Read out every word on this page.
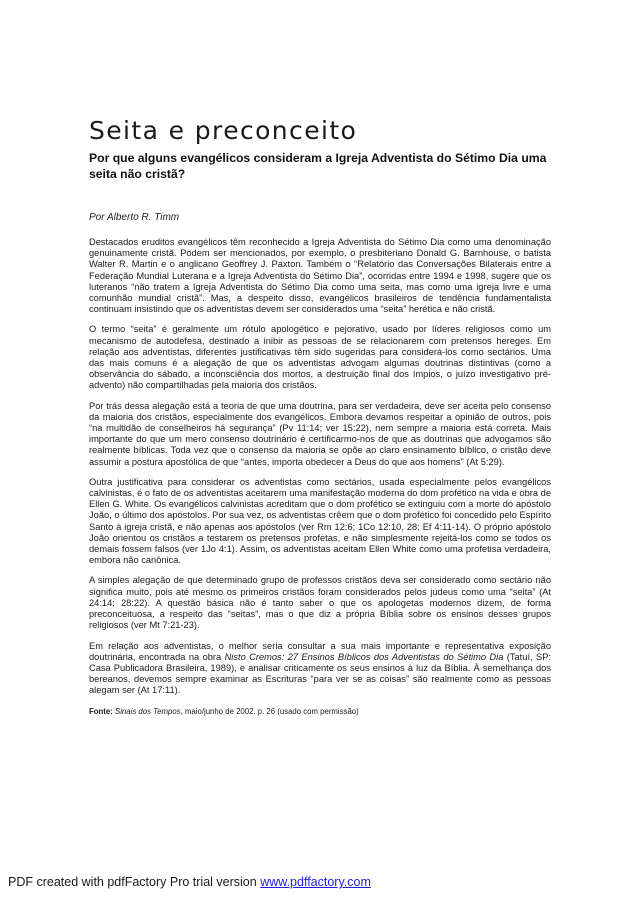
Seita e preconceito
Por que alguns evangélicos consideram a Igreja Adventista do Sétimo Dia uma seita não cristã?
Por Alberto R. Timm

Destacados eruditos evangélicos têm reconhecido a Igreja Adventista do Sétimo Dia como uma denominação genuinamente cristã. Podem ser mencionados, por exemplo, o presbiteriano Donald G. Barnhouse, o batista Walter R. Martin e o anglicano Geoffrey J. Paxton. Também o “Relatório das Conversações Bilaterais entre a Federação Mundial Luterana e a Igreja Adventista do Sétimo Dia”, ocorridas entre 1994 e 1998, sugere que os luteranos “não tratem a Igreja Adventista do Sétimo Dia como uma seita, mas como uma igreja livre e uma comunhão mundial cristã”. Mas, a despeito disso, evangélicos brasileiros de tendência fundamentalista continuam insistindo que os adventistas devem ser considerados uma “seita” herética e não cristã.

O termo “seita” é geralmente um rótulo apologético e pejorativo, usado por líderes religiosos como um mecanismo de autodefesa, destinado a inibir as pessoas de se relacionarem com pretensos hereges. Em relação aos adventistas, diferentes justificativas têm sido sugeridas para considerá-los como sectários. Uma das mais comuns é a alegação de que os adventistas advogam algumas doutrinas distintivas (como a observância do sábado, a inconsciência dos mortos, a destruição final dos ímpios, o juízo investigativo pré-advento) não compartilhadas pela maioria dos cristãos.

Por trás dessa alegação está a teoria de que uma doutrina, para ser verdadeira, deve ser aceita pelo consenso da maioria dos cristãos, especialmente dos evangélicos. Embora devamos respeitar a opinião de outros, pois “na multidão de conselheiros há segurança” (Pv 11:14; ver 15:22), nem sempre a maioria está correta. Mais importante do que um mero consenso doutrinário é certificarmo-nos de que as doutrinas que advogamos são realmente bíblicas. Toda vez que o consenso da maioria se opõe ao claro ensinamento bíblico, o cristão deve assumir a postura apostólica de que “antes, importa obedecer a Deus do que aos homens” (At 5:29).

Outra justificativa para considerar os adventistas como sectários, usada especialmente pelos evangélicos calvinistas, é o fato de os adventistas aceitarem uma manifestação moderna do dom profético na vida e obra de Ellen G. White. Os evangélicos calvinistas acreditam que o dom profético se extinguiu com a morte do apóstolo João, o último dos apóstolos. Por sua vez, os adventistas crêem que o dom profético foi concedido pelo Espírito Santo à igreja cristã, e não apenas aos apóstolos (ver Rm 12:6; 1Co 12:10, 28; Ef 4:11-14). O próprio apóstolo João orientou os cristãos a testarem os pretensos profetas, e não simplesmente rejeitá-los como se todos os demais fossem falsos (ver 1Jo 4:1). Assim, os adventistas aceitam Ellen White como uma profetisa verdadeira, embora não canônica.

A simples alegação de que determinado grupo de professos cristãos deva ser considerado como sectário não significa muito, pois até mesmo os primeiros cristãos foram considerados pelos judeus como uma “seita” (At 24:14; 28:22). A questão básica não é tanto saber o que os apologetas modernos dizem, de forma preconceituosa, a respeito das “seitas”, mas o que diz a própria Bíblia sobre os ensinos desses grupos religiosos (ver Mt 7:21-23).

Em relação aos adventistas, o melhor seria consultar a sua mais importante e representativa exposição doutrinária, encontrada na obra Nisto Cremos: 27 Ensinos Bíblicos dos Adventistas do Sétimo Dia (Tatuí, SP: Casa Publicadora Brasileira, 1989), e analisar criticamente os seus ensinos à luz da Bíblia. À semelhança dos bereanos, devemos sempre examinar as Escrituras “para ver se as coisas” são realmente como as pessoas alegam ser (At 17:11).

Fonte: Sinais dos Tempos, maio/junho de 2002. p. 26 (usado com permissão)

PDF created with pdfFactory Pro trial version www.pdffactory.com
